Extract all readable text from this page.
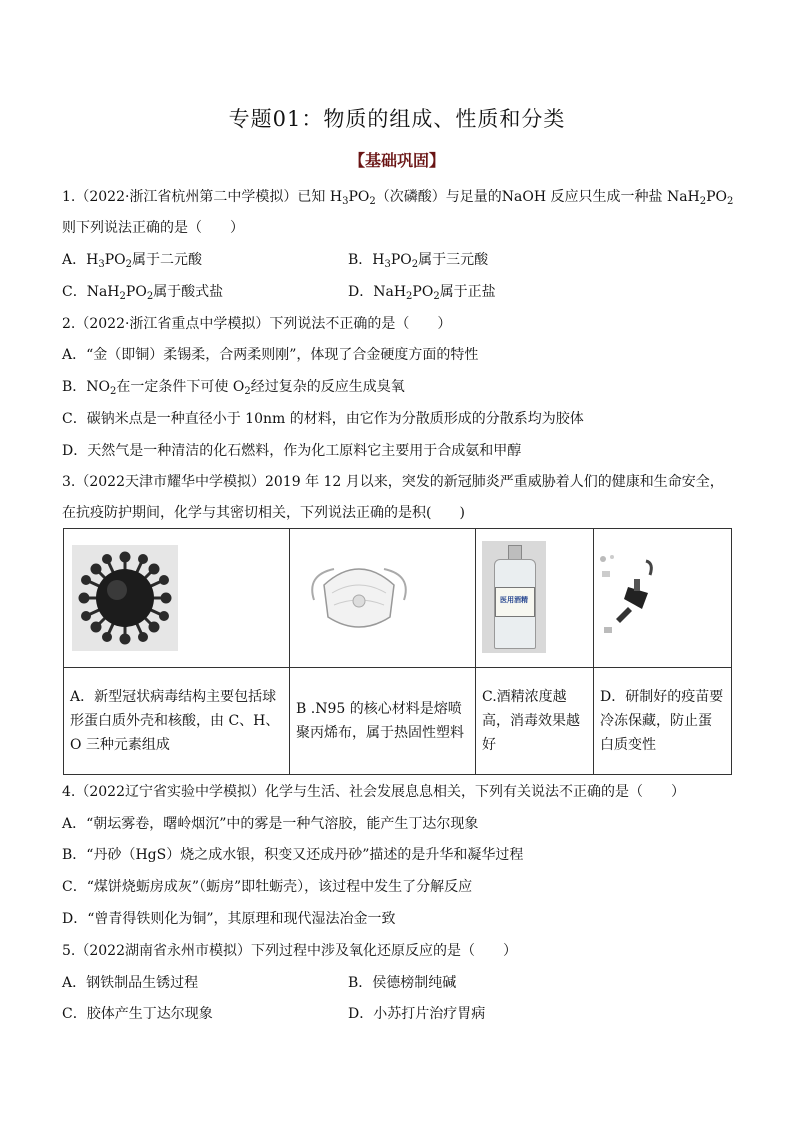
专题01：物质的组成、性质和分类
【基础巩固】
1.（2022·浙江省杭州第二中学模拟）已知 $H_3PO_2$（次磷酸）与足量的NaOH 反应只生成一种盐 $NaH_2PO_2$
则下列说法正确的是（　　）
A．$H_3PO_2$属于二元酸	B．$H_3PO_2$属于三元酸
C．$NaH_2PO_2$属于酸式盐	D．$NaH_2PO_2$属于正盐
2.（2022·浙江省重点中学模拟）下列说法不正确的是（　　）
A．“金（即铜）柔锡柔，合两柔则刚”，体现了合金硬度方面的特性
B．$NO_2$在一定条件下可使 $O_2$经过复杂的反应生成臭氧
C．碳钠米点是一种直径小于 10nm 的材料，由它作为分散质形成的分散系均为胶体
D．天然气是一种清洁的化石燃料，作为化工原料它主要用于合成氨和甲醇
3.（2022天津市耀华中学模拟）2019 年 12 月以来，突发的新冠肺炎严重威胁着人们的健康和生命安全，
在抗疫防护期间，化学与其密切相关，下列说法正确的是积(　　)

医用酒精

A．新型冠状病毒结构主要包括球形蛋白质外壳和核酸，由 C、H、O 三种元素组成	B .N95 的核心材料是熔喷聚丙烯布，属于热固性塑料	C.酒精浓度越高，消毒效果越好	D．研制好的疫苗要冷冻保藏，防止蛋白质变性
4.（2022辽宁省实验中学模拟）化学与生活、社会发展息息相关，下列有关说法不正确的是（　　）
A．“朝坛雾卷，曙岭烟沉”中的雾是一种气溶胶，能产生丁达尔现象
B．“丹砂（HgS）烧之成水银，积变又还成丹砂”描述的是升华和凝华过程
C．“煤饼烧蛎房成灰”（蛎房”即牡蛎壳），该过程中发生了分解反应
D．“曾青得铁则化为铜”，其原理和现代湿法冶金一致
5.（2022湖南省永州市模拟）下列过程中涉及氧化还原反应的是（　　）
A．钢铁制品生锈过程	B．侯德榜制纯碱
C．胶体产生丁达尔现象	D．小苏打片治疗胃病
